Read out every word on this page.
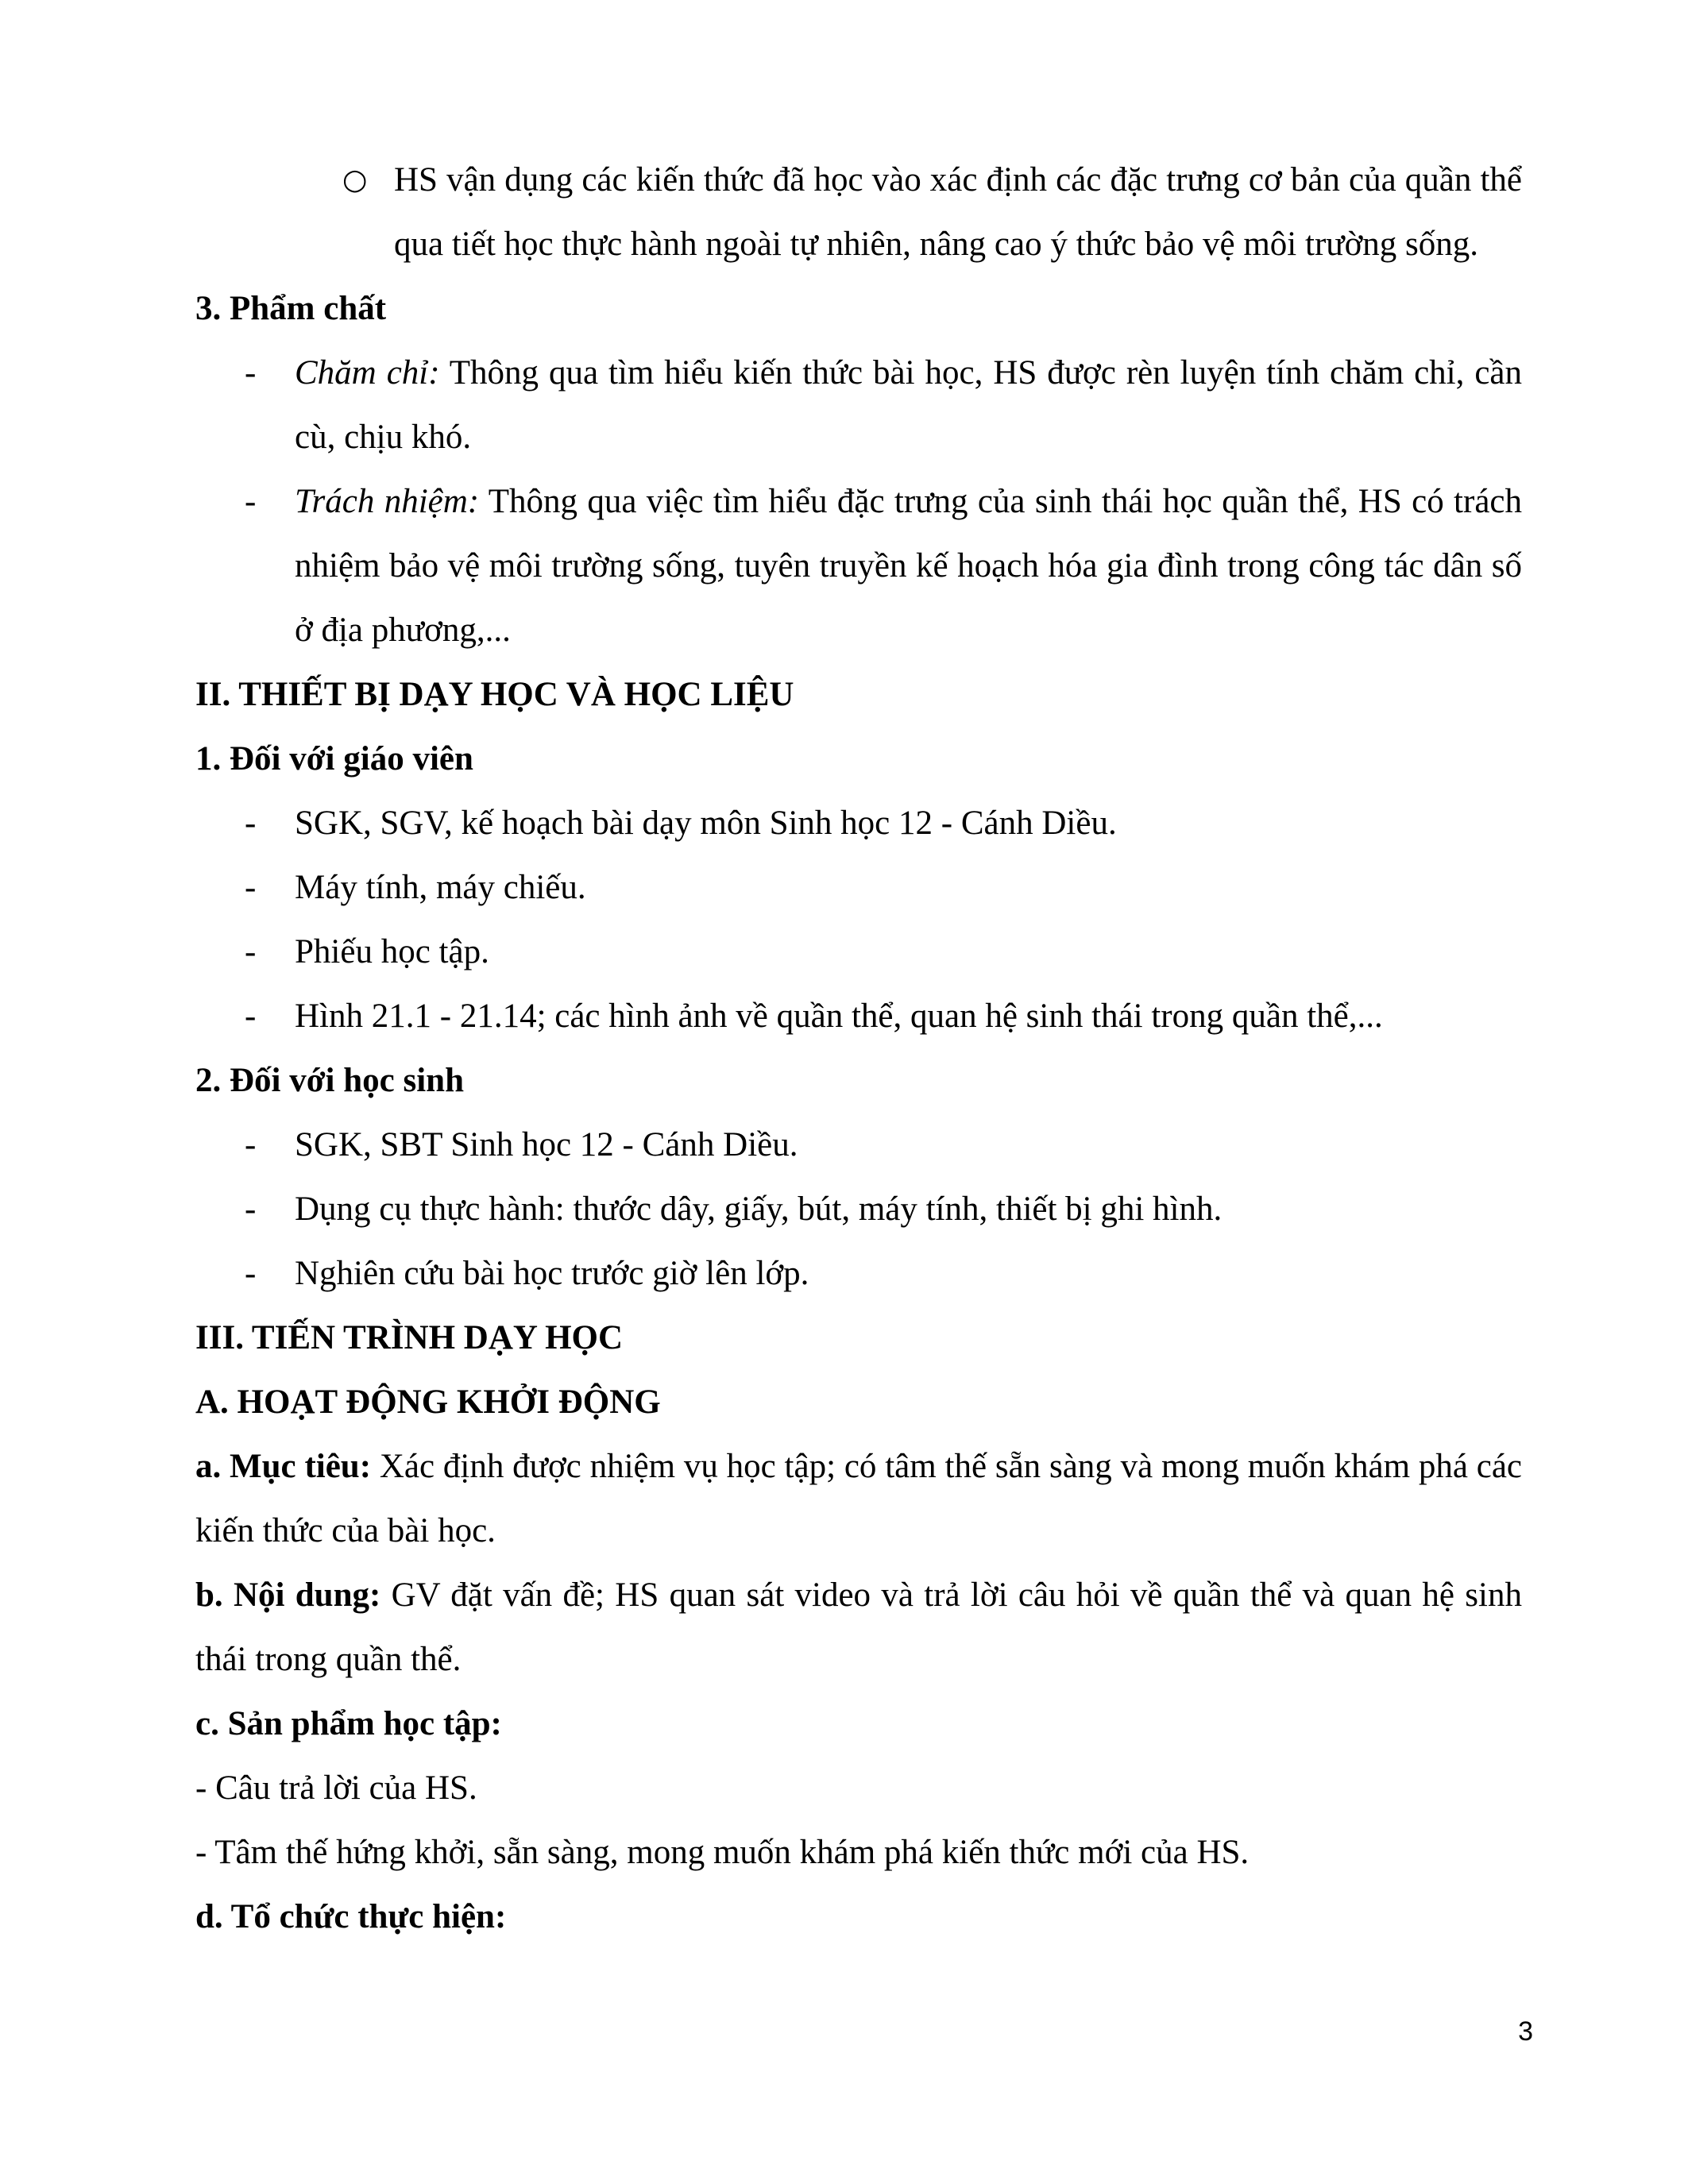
○ HS vận dụng các kiến thức đã học vào xác định các đặc trưng cơ bản của quần thể qua tiết học thực hành ngoài tự nhiên, nâng cao ý thức bảo vệ môi trường sống.

3. Phẩm chất

- Chăm chỉ: Thông qua tìm hiểu kiến thức bài học, HS được rèn luyện tính chăm chỉ, cần cù, chịu khó.

- Trách nhiệm: Thông qua việc tìm hiểu đặc trưng của sinh thái học quần thể, HS có trách nhiệm bảo vệ môi trường sống, tuyên truyền kế hoạch hóa gia đình trong công tác dân số ở địa phương,...

II. THIẾT BỊ DẠY HỌC VÀ HỌC LIỆU

1. Đối với giáo viên

- SGK, SGV, kế hoạch bài dạy môn Sinh học 12 - Cánh Diều.

- Máy tính, máy chiếu.

- Phiếu học tập.

- Hình 21.1 - 21.14; các hình ảnh về quần thể, quan hệ sinh thái trong quần thể,...

2. Đối với học sinh

- SGK, SBT Sinh học 12 - Cánh Diều.

- Dụng cụ thực hành: thước dây, giấy, bút, máy tính, thiết bị ghi hình.

- Nghiên cứu bài học trước giờ lên lớp.

III. TIẾN TRÌNH DẠY HỌC

A. HOẠT ĐỘNG KHỞI ĐỘNG

a. Mục tiêu: Xác định được nhiệm vụ học tập; có tâm thế sẵn sàng và mong muốn khám phá các kiến thức của bài học.

b. Nội dung: GV đặt vấn đề; HS quan sát video và trả lời câu hỏi về quần thể và quan hệ sinh thái trong quần thể.

c. Sản phẩm học tập:

- Câu trả lời của HS.

- Tâm thế hứng khởi, sẵn sàng, mong muốn khám phá kiến thức mới của HS.

d. Tổ chức thực hiện:

3
